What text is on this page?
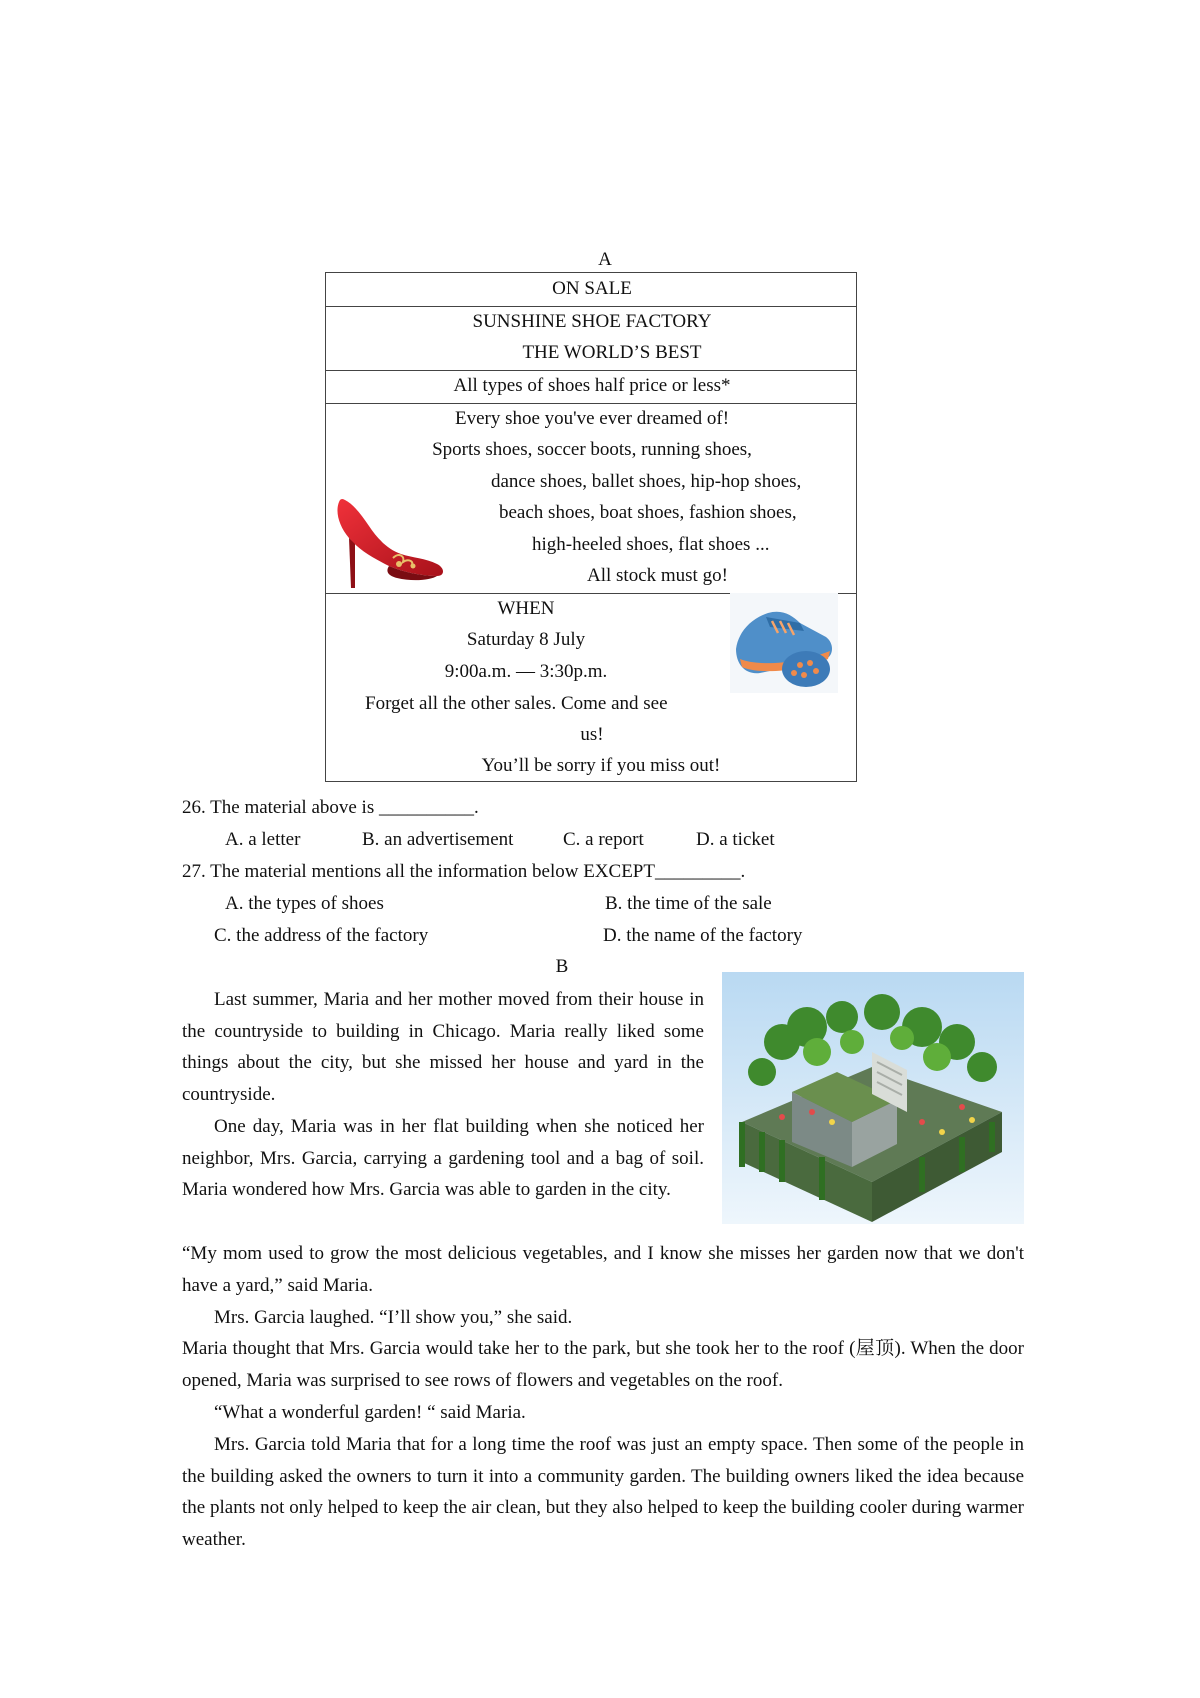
A
ON SALE
SUNSHINE SHOE FACTORY
THE WORLD’S BEST
All types of shoes half price or less*
Every shoe you've ever dreamed of!
Sports shoes, soccer boots, running shoes,
dance shoes, ballet shoes, hip-hop shoes,
beach shoes, boat shoes, fashion shoes,
high-heeled shoes, flat shoes ...
All stock must go!
WHEN
Saturday 8 July
9:00a.m. — 3:30p.m.
Forget all the other sales. Come and see
us!
You’ll be sorry if you miss out!
26. The material above is __________.
A. a letter	B. an advertisement	C. a report	D. a ticket
27. The material mentions all the information below EXCEPT_________.
A. the types of shoes	B. the time of the sale
C. the address of the factory	D. the name of the factory
B
Last summer, Maria and her mother moved from their house in the countryside to building in Chicago. Maria really liked some things about the city, but she missed her house and yard in the countryside.
One day, Maria was in her flat building when she noticed her neighbor, Mrs. Garcia, carrying a gardening tool and a bag of soil. Maria wondered how Mrs. Garcia was able to garden in the city.
“My mom used to grow the most delicious vegetables, and I know she misses her garden now that we don't have a yard,” said Maria.
Mrs. Garcia laughed. “I’ll show you,” she said.
Maria thought that Mrs. Garcia would take her to the park, but she took her to the roof (屋顶). When the door opened, Maria was surprised to see rows of flowers and vegetables on the roof.
“What a wonderful garden! “ said Maria.
Mrs. Garcia told Maria that for a long time the roof was just an empty space. Then some of the people in the building asked the owners to turn it into a community garden. The building owners liked the idea because the plants not only helped to keep the air clean, but they also helped to keep the building cooler during warmer weather.
